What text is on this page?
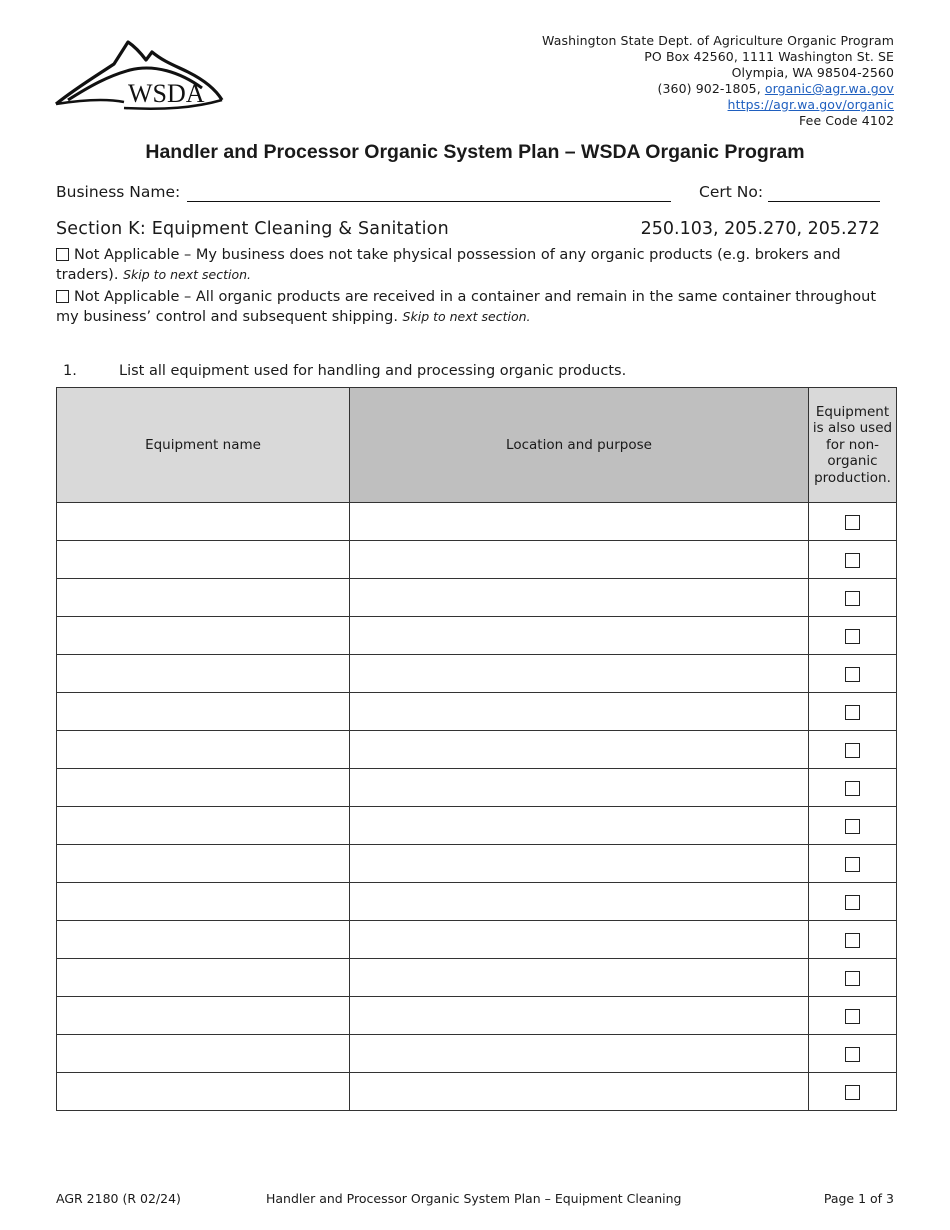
WSDA
Washington State Dept. of Agriculture Organic Program
PO Box 42560, 1111 Washington St. SE
Olympia, WA 98504-2560
(360) 902-1805, organic@agr.wa.gov
https://agr.wa.gov/organic
Fee Code 4102
Handler and Processor Organic System Plan – WSDA Organic Program
Business Name:	Cert No:
Section K: Equipment Cleaning & Sanitation	250.103, 205.270, 205.272
Not Applicable – My business does not take physical possession of any organic products (e.g. brokers and traders). Skip to next section.
Not Applicable – All organic products are received in a container and remain in the same container throughout my business’ control and subsequent shipping. Skip to next section.
1.	List all equipment used for handling and processing organic products.
Equipment name	Location and purpose	Equipment is also used for non-organic production.

AGR 2180 (R 02/24)	Handler and Processor Organic System Plan – Equipment Cleaning	Page 1 of 3
